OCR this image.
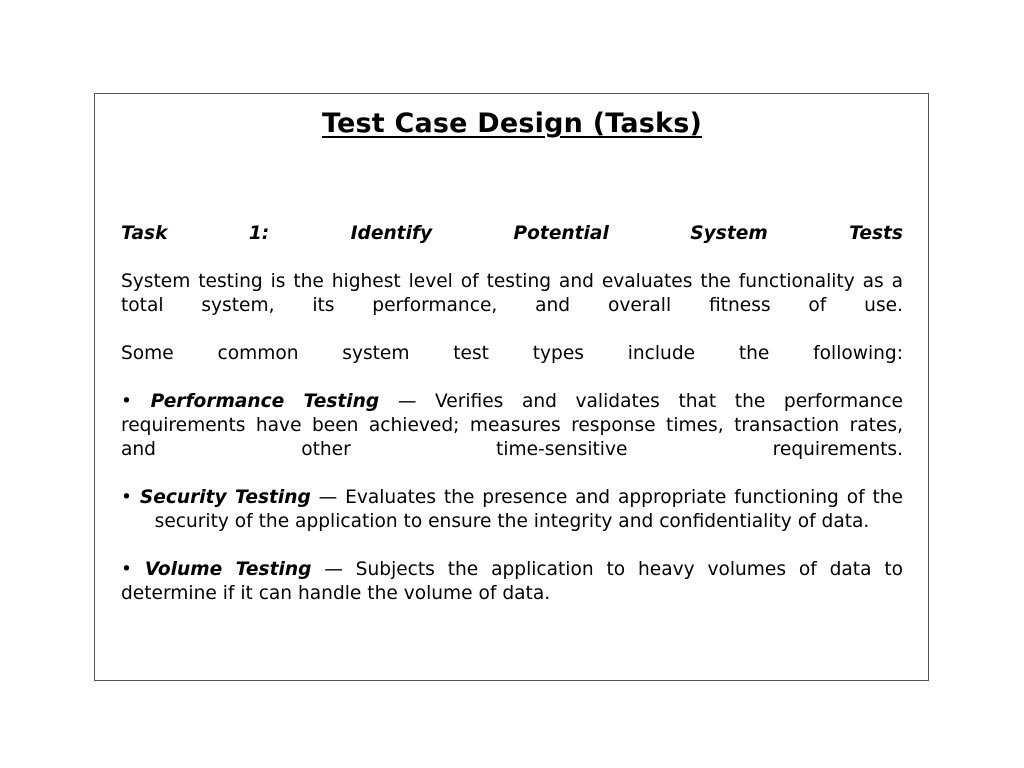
Test Case Design (Tasks)

Task 1: Identify Potential System Tests

System testing is the highest level of testing and evaluates the functionality as a total system, its performance, and overall fitness of use.

Some common system test types include the following:

• Performance Testing — Verifies and validates that the performance requirements have been achieved; measures response times, transaction rates, and other time-sensitive requirements.

• Security Testing — Evaluates the presence and appropriate functioning of the security of the application to ensure the integrity and confidentiality of data.

• Volume Testing — Subjects the application to heavy volumes of data to determine if it can handle the volume of data.
